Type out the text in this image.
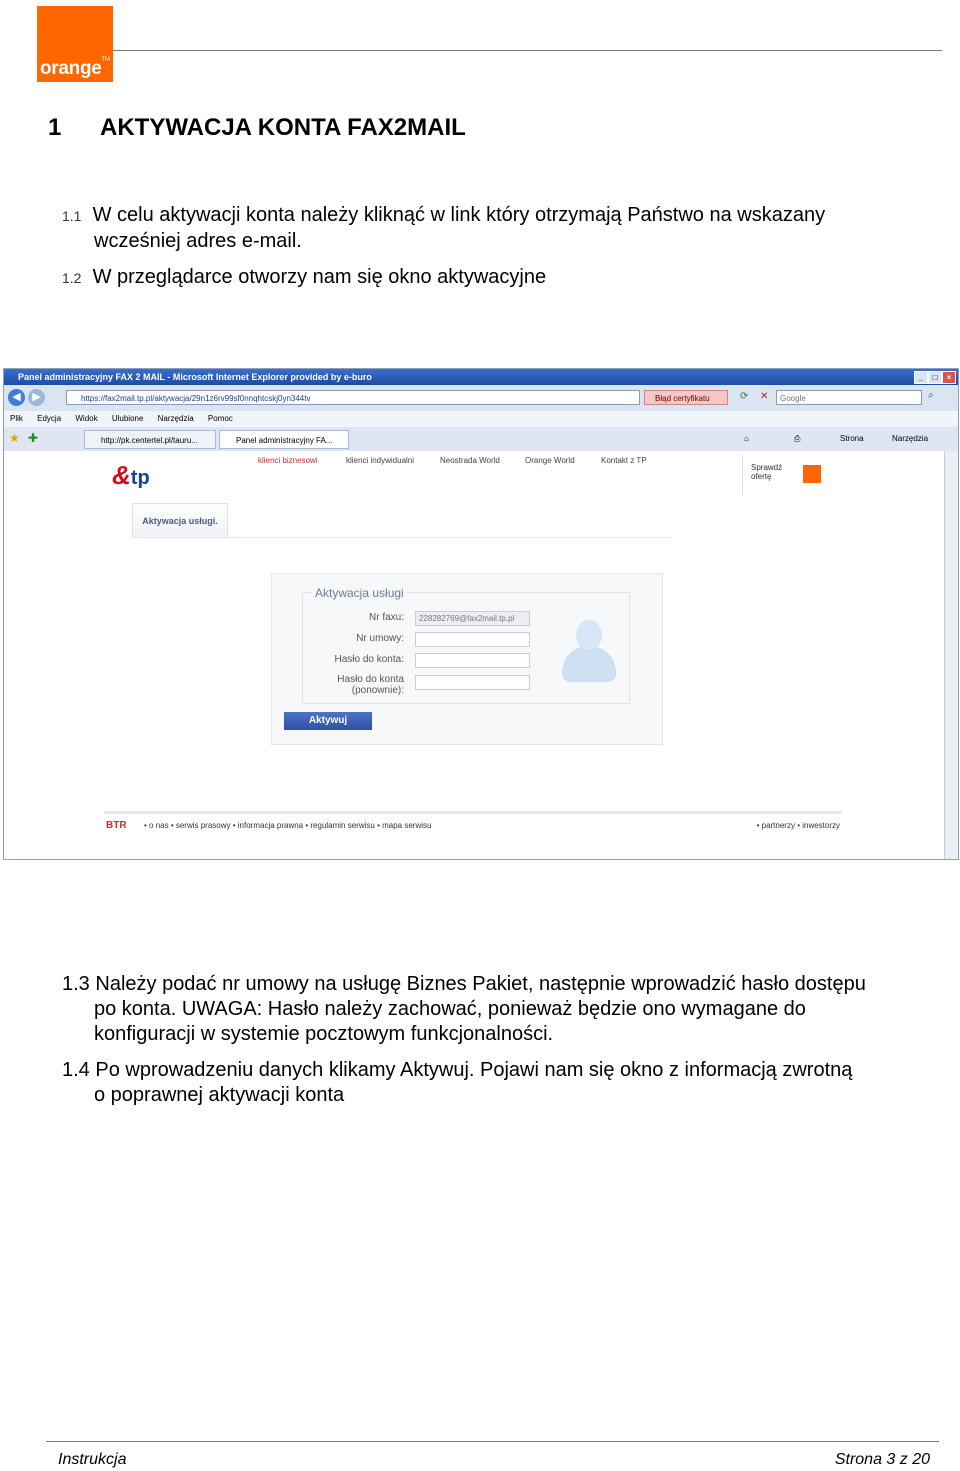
TM
orange
1 AKTYWACJA KONTA FAX2MAIL
1.1 W celu aktywacji konta należy kliknąć w link który otrzymają Państwo na wskazany
wcześniej adres e-mail.
1.2 W przeglądarce otworzy nam się okno aktywacyjne
Panel administracyjny FAX 2 MAIL - Microsoft Internet Explorer provided by e-buro	_	□	×
◀	▶	https://fax2mail.tp.pl/aktywacja/29n1z6rv99sf0nnqhtcskj0yn344tv	Błąd certyfikatu	⟳ ✕	Google	⌕
Plik Edycja Widok Ulubione Narzędzia Pomoc
★ ✚	http://pk.centertel.pl/tauru...	Panel administracyjny FA...	⌂	⎙	Strona	Narzędzia
&tp
klienci biznesowi	klienci indywidualni	Neostrada World	Orange World	Kontakt z TP
Sprawdź
ofertę
Aktywacja usługi.
Aktywacja usługi
Nr faxu:	228282769@fax2mail.tp.pl
Nr umowy:
Hasło do konta:
Hasło do konta
(ponownie):
Aktywuj
BTR • o nas • serwis prasowy • informacja prawna • regulamin serwisu • mapa serwisu	• partnerzy • inwestorzy
1.3 Należy podać nr umowy na usługę Biznes Pakiet, następnie wprowadzić hasło dostępu
po konta. UWAGA: Hasło należy zachować, ponieważ będzie ono wymagane do
konfiguracji w systemie pocztowym funkcjonalności.
1.4 Po wprowadzeniu danych klikamy Aktywuj. Pojawi nam się okno z informacją zwrotną
o poprawnej aktywacji konta
Instrukcja	Strona 3 z 20
